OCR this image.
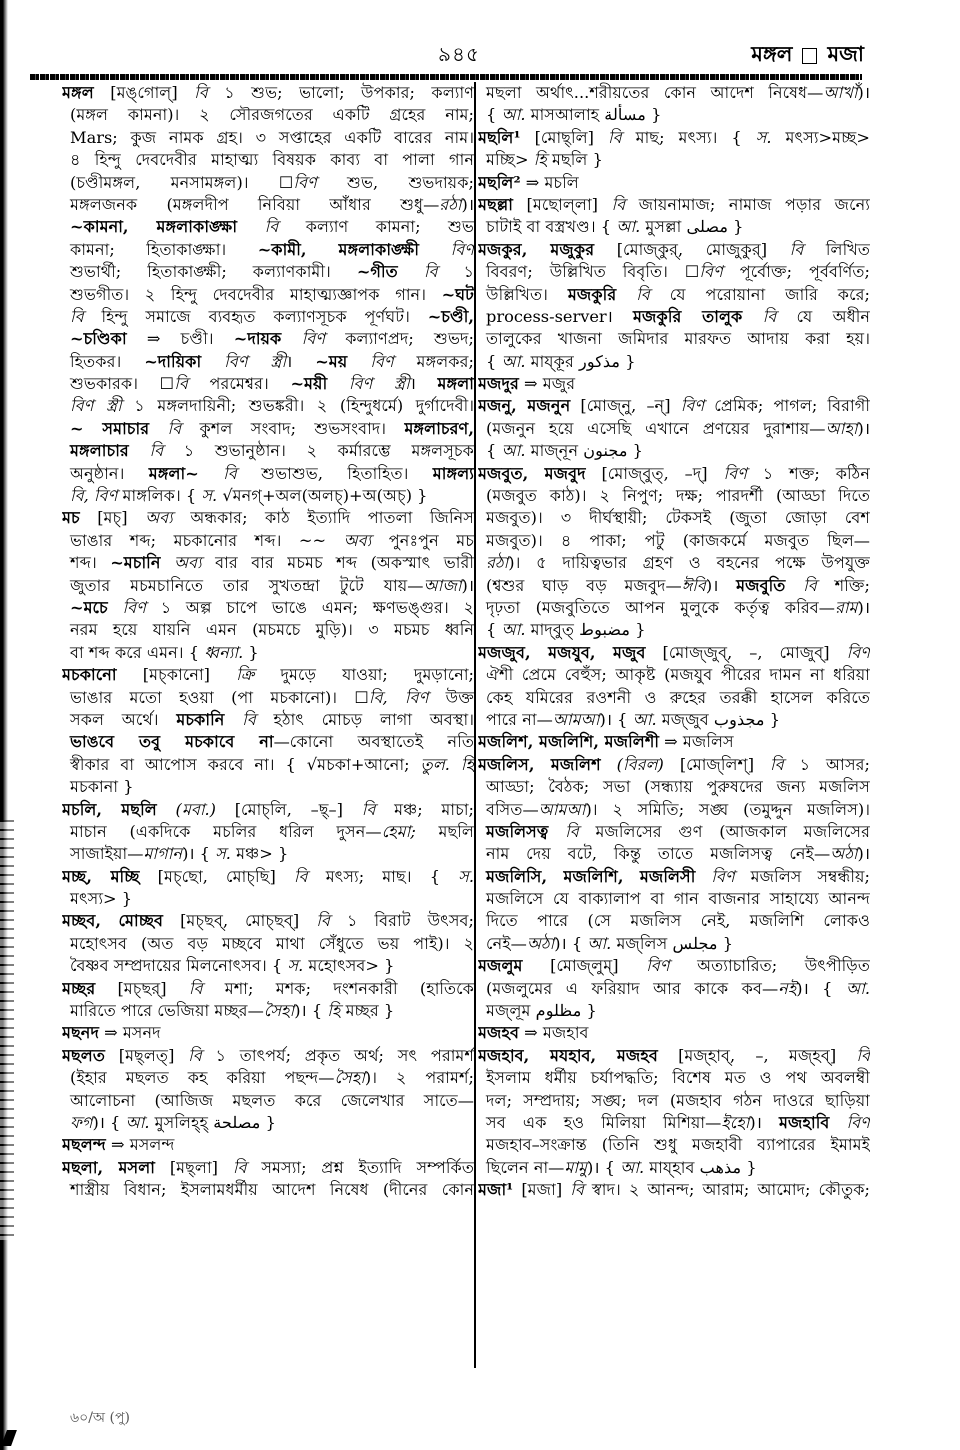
৯৪৫	মঙ্গল মজা
মঙ্গল [মঙ্‌গোল্] বি ১ শুভ; ভালো; উপকার; কল্যাণ
(মঙ্গল কামনা)। ২ সৌরজগতের একটি গ্রহের নাম;
Mars; কুজ নামক গ্রহ। ৩ সপ্তাহের একটি বারের নাম।
৪ হিন্দু দেবদেবীর মাহাত্ম্য বিষয়ক কাব্য বা পালা গান
(চণ্ডীমঙ্গল, মনসামঙ্গল)। ☐বিণ শুভ, শুভদায়ক;
মঙ্গলজনক (মঙ্গলদীপ নিবিয়া আঁধার শুধু—রঠা)।
~কামনা, মঙ্গলাকাঙ্ক্ষা বি কল্যাণ কামনা; শুভ
কামনা; হিতাকাঙ্ক্ষা। ~কামী, মঙ্গলাকাঙ্ক্ষী বিণ
শুভার্থী; হিতাকাঙ্ক্ষী; কল্যাণকামী। ~গীত বি ১
শুভগীত। ২ হিন্দু দেবদেবীর মাহাত্ম্যজ্ঞাপক গান। ~ঘট
বি হিন্দু সমাজে ব্যবহৃত কল্যাণসূচক পূর্ণঘট। ~চণ্ডী,
~চণ্ডিকা ⇒ চণ্ডী। ~দায়ক বিণ কল্যাণপ্রদ; শুভদ;
হিতকর। ~দায়িকা বিণ স্ত্রী। ~ময় বিণ মঙ্গলকর;
শুভকারক। ☐বি পরমেশ্বর। ~ময়ী বিণ স্ত্রী। মঙ্গলা
বিণ স্ত্রী ১ মঙ্গলদায়িনী; শুভঙ্করী। ২ (হিন্দুধর্মে) দুর্গাদেবী।
~ সমাচার বি কুশল সংবাদ; শুভসংবাদ। মঙ্গলাচরণ,
মঙ্গলাচার বি ১ শুভানুষ্ঠান। ২ কর্মারম্ভে মঙ্গলসূচক
অনুষ্ঠান। মঙ্গলা~ বি শুভাশুভ, হিতাহিত। মাঙ্গল্য
বি, বিণ মাঙ্গলিক। { স. √মনগ্‌+অল(অলচ্‌)+অ(অচ্‌) }
মচ [মচ্‌] অব্য অন্ধকার; কাঠ ইত্যাদি পাতলা জিনিস
ভাঙার শব্দ; মচকানোর শব্দ। ~~ অব্য পুনঃপুন মচ
শব্দ। ~মচানি অব্য বার বার মচমচ শব্দ (অকস্মাৎ ভারী
জুতার মচমচানিতে তার সুখতন্দ্রা টুটে যায়—আজা)।
~মচে বিণ ১ অল্প চাপে ভাঙে এমন; ক্ষণভঙ্গুর। ২
নরম হয়ে যায়নি এমন (মচমচে মুড়ি)। ৩ মচমচ ধ্বনি
বা শব্দ করে এমন। { ধ্বন্যা. }
মচকানো [মচ্‌কানো] ক্রি দুমড়ে যাওয়া; দুমড়ানো;
ভাঙার মতো হওয়া (পা মচকানো)। ☐বি, বিণ উক্ত
সকল অর্থে। মচকানি বি হঠাৎ মোচড় লাগা অবস্থা।
ভাঙবে তবু মচকাবে না—কোনো অবস্থাতেই নতি
স্বীকার বা আপোস করবে না। { √মচকা+আনো; তুল. হি
মচকানা }
মচলি, মছলি (মবা.) [মোচ্‌লি, –ছ্‌–] বি মঞ্চ; মাচা;
মাচান (একদিকে মচলির ধরিল দুসন—হেমা; মছলি
সাজাইয়া—মাগান)। { স. মঞ্চ> }
মচ্ছ, মচ্ছি [মচ্‌ছো, মোচ্‌ছি] বি মৎস্য; মাছ। { স.
মৎস্য> }
মচ্ছব, মোচ্ছব [মচ্‌ছব্‌, মোচ্‌ছব্‌] বি ১ বিরাট উৎসব;
মহোৎসব (অত বড় মচ্ছবে মাথা সেঁধুতে ভয় পাই)। ২
বৈষ্ণব সম্প্রদায়ের মিলনোৎসব। { স. মহোৎসব> }
মচ্ছর [মচ্‌ছর্‌] বি মশা; মশক; দংশনকারী (হাতিকে
মারিতে পারে ভেজিয়া মচ্ছর—সৈহা)। { হি মচ্ছর }
মছনদ ⇒ মসনদ
মছলত [মছ্‌লত্‌] বি ১ তাৎপর্য; প্রকৃত অর্থ; সৎ পরামর্শ
(ইহার মছলত কহ করিয়া পছন্দ—সৈহা)। ২ পরামর্শ;
আলোচনা (আজিজ মছলত করে জেলেখার সাতে—
ফগ)। { আ. মুসলিহ্‌হ্ مصلحة }
মছলন্দ ⇒ মসলন্দ
মছলা, মসলা [মছ্‌লা] বি সমস্যা; প্রশ্ন ইত্যাদি সম্পর্কিত
শাস্ত্রীয় বিধান; ইসলামধর্মীয় আদেশ নিষেধ (দীনের কোন
মছলা অর্থাৎ...শরীয়তের কোন আদেশ নিষেধ—আখাঁ)।
{ আ. মাসআলাহ مسألة }
মছলি¹ [মোছ্‌লি] বি মাছ; মৎস্য। { স. মৎস্য>মচ্ছ>
মচ্ছি> হি মছলি }
মছলি² ⇒ মচলি
মছল্লা [মছোল্‌লা] বি জায়নামাজ; নামাজ পড়ার জন্যে
চাটাই বা বস্ত্রখণ্ড। { আ. মুসল্লা مصلى }
মজকুর, মজুকুর [মোজ্‌কুর্‌, মোজুকুর্‌] বি লিখিত
বিবরণ; উল্লিখিত বিবৃতি। ☐বিণ পূর্বোক্ত; পূর্ববর্ণিত;
উল্লিখিত। মজকুরি বি যে পরোয়ানা জারি করে;
process-server। মজকুরি তালুক বি যে অধীন
তালুকের খাজনা জমিদার মারফত আদায় করা হয়।
{ আ. মায্‌কূর مذكور }
মজদুর ⇒ মজুর
মজনু, মজনুন [মোজ্‌নু, –ন্‌] বিণ প্রেমিক; পাগল; বিরাগী
(মজনুন হয়ে এসেছি এখানে প্রণয়ের দুরাশায়—আহা)।
{ আ. মাজ্‌নূন مجنون }
মজবুত, মজবুদ [মোজ্‌বুত্‌, –দ্‌] বিণ ১ শক্ত; কঠিন
(মজবুত কাঠ)। ২ নিপুণ; দক্ষ; পারদর্শী (আড্ডা দিতে
মজবুত)। ৩ দীর্ঘস্থায়ী; টেকসই (জুতা জোড়া বেশ
মজবুত)। ৪ পাকা; পটু (কাজকর্মে মজবুত ছিল—
রঠা)। ৫ দায়িত্বভার গ্রহণ ও বহনের পক্ষে উপযুক্ত
(শ্বশুর ঘাড় বড় মজবুদ—ঈবি)। মজবুতি বি শক্তি;
দৃঢ়তা (মজবুতিতে আপন মুলুকে কর্তৃত্ব করিব—রাম)।
{ আ. মাদ্‌বুত্‌ مضبوط }
মজজুব, মজযুব, মজুব [মোজ্‌জুব্‌, –, মোজুব্‌] বিণ
ঐশী প্রেমে বেহুঁস; আকৃষ্ট (মজযুব পীরের দামন না ধরিয়া
কেহ যমিরের রওশনী ও রুহের তরক্কী হাসেল করিতে
পারে না—আমআ)। { আ. মজ্‌জুব مجذوب }
মজলিশ, মজলিশি, মজলিশী ⇒ মজলিস
মজলিস, মজলিশ (বিরল) [মোজ্‌লিশ্‌] বি ১ আসর;
আড্ডা; বৈঠক; সভা (সন্ধ্যায় পুরুষদের জন্য মজলিস
বসিত—আমআ)। ২ সমিতি; সঙ্ঘ (তমুদ্দুন মজলিস)।
মজলিসত্ব বি মজলিসের গুণ (আজকাল মজলিসের
নাম দেয় বটে, কিন্তু তাতে মজলিসত্ব নেই—অঠা)।
মজলিসি, মজলিশি, মজলিসী বিণ মজলিস সম্বন্ধীয়;
মজলিসে যে বাক্যালাপ বা গান বাজনার সাহায্যে আনন্দ
দিতে পারে (সে মজলিস নেই, মজলিশি লোকও
নেই—অঠা)। { আ. মজ্‌লিস مجلس }
মজলুম [মোজ্‌লুম্‌] বিণ অত্যাচারিত; উৎপীড়িত
(মজলুমের এ ফরিয়াদ আর কাকে কব—নই)। { আ.
মজ্‌লূম مظلوم }
মজহব ⇒ মজহাব
মজহাব, মযহাব, মজহব [মজ্‌হাব্‌, –, মজ্‌হব্‌] বি
ইসলাম ধর্মীয় চর্যাপদ্ধতি; বিশেষ মত ও পথ অবলম্বী
দল; সম্প্রদায়; সঙ্ঘ; দল (মজহাব গঠন দাওরে ছাড়িয়া
সব এক হও মিলিয়া মিশিয়া—ইহো)। মজহাবি বিণ
মজহাব–সংক্রান্ত (তিনি শুধু মজহাবী ব্যাপারের ইমামই
ছিলেন না—মামু)। { আ. মায্‌হাব مذهب }
মজা¹ [মজা] বি স্বাদ। ২ আনন্দ; আরাম; আমোদ; কৌতুক;
৬০/অ (পু)
